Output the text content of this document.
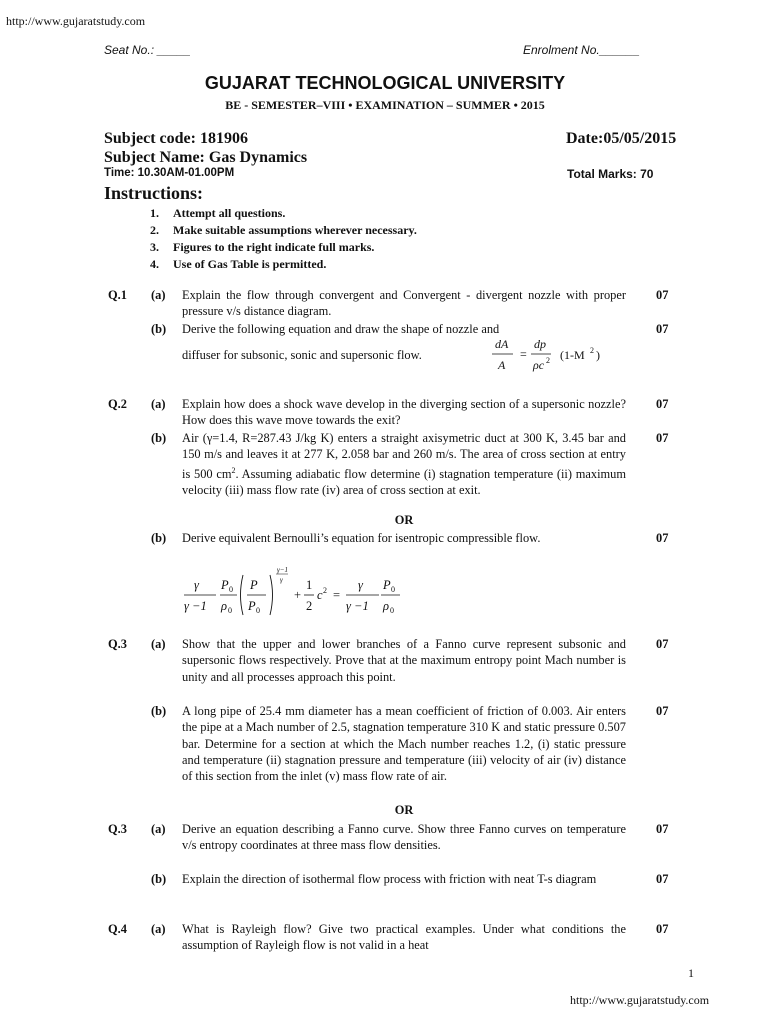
http://www.gujaratstudy.com
Seat No.: _____	Enrolment No.______
GUJARAT TECHNOLOGICAL UNIVERSITY
BE - SEMESTER–VIII • EXAMINATION – SUMMER • 2015
Subject code: 181906	Date:05/05/2015
Subject Name: Gas Dynamics
Time: 10.30AM-01.00PM	Total Marks: 70
Instructions:
1. Attempt all questions.
2. Make suitable assumptions wherever necessary.
3. Figures to the right indicate full marks.
4. Use of Gas Table is permitted.
Q.1 (a) Explain the flow through convergent and Convergent - divergent nozzle with proper pressure v/s distance diagram.
07
(b) Derive the following equation and draw the shape of nozzle and	07
diffuser for subsonic, sonic and supersonic flow.
dA
A
=
dp
ρc 2 (1-M 2 )
Q.2 (a) Explain how does a shock wave develop in the diverging section of a supersonic nozzle? How does this wave move towards the exit?
07
(b) Air (γ=1.4, R=287.43 J/kg K) enters a straight axisymetric duct at 300 K, 3.45 bar and 150 m/s and leaves it at 277 K, 2.058 bar and 260 m/s. The area of cross section at entry is 500 $cm^2$. Assuming adiabatic flow determine (i) stagnation temperature (ii) maximum velocity (iii) mass flow rate (iv) area of cross section at exit.
07
OR
(b) Derive equivalent Bernoulli’s equation for isentropic compressible flow.	07
γ
γ −1
P 0
ρ 0
P
P 0
γ−1
γ
+
1
2
c 2 =
γ
γ −1
P 0
ρ 0
Q.3 (a) Show that the upper and lower branches of a Fanno curve represent subsonic and supersonic flows respectively. Prove that at the maximum entropy point Mach number is unity and all processes approach this point.
07
(b) A long pipe of 25.4 mm diameter has a mean coefficient of friction of 0.003. Air enters the pipe at a Mach number of 2.5, stagnation temperature 310 K and static pressure 0.507 bar. Determine for a section at which the Mach number reaches 1.2, (i) static pressure and temperature (ii) stagnation pressure and temperature (iii) velocity of air (iv) distance of this section from the inlet (v) mass flow rate of air.
07
OR
Q.3 (a) Derive an equation describing a Fanno curve. Show three Fanno curves on temperature v/s entropy coordinates at three mass flow densities.
07
(b) Explain the direction of isothermal flow process with friction with neat T-s diagram	07
Q.4 (a) What is Rayleigh flow? Give two practical examples. Under what conditions the assumption of Rayleigh flow is not valid in a heat
07
1
http://www.gujaratstudy.com
